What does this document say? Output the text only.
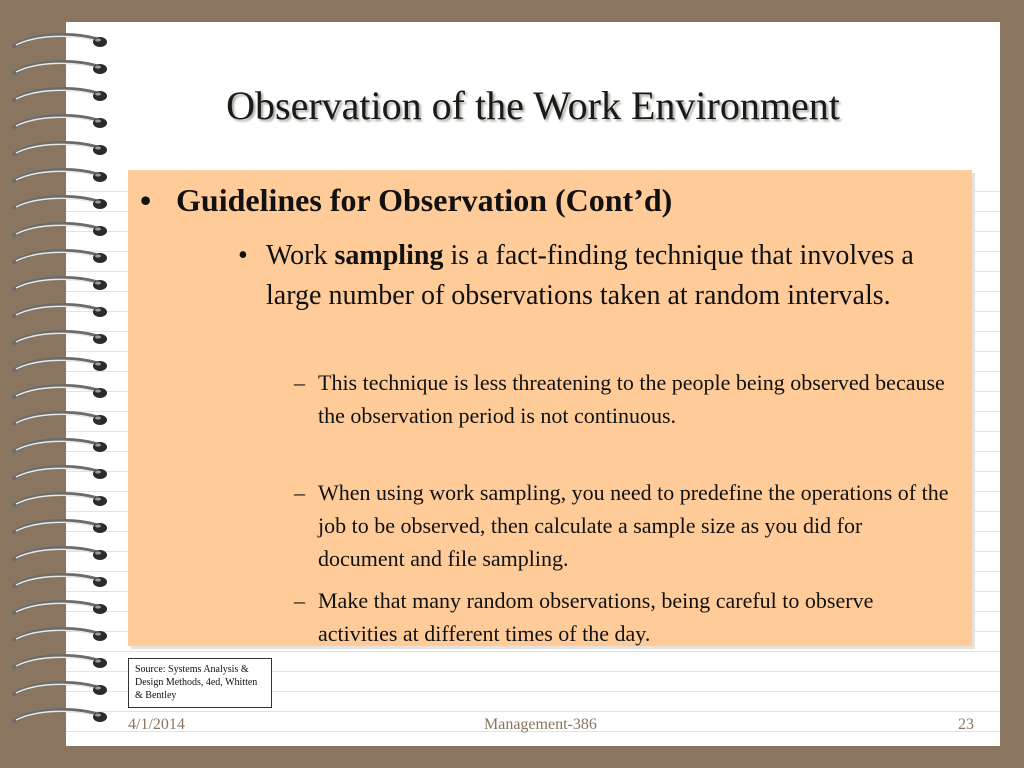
Observation of the Work Environment
• Guidelines for Observation (Cont’d)
• Work sampling is a fact-finding technique that involves a large number of observations taken at random intervals.
– This technique is less threatening to the people being observed because the observation period is not continuous.
– When using work sampling, you need to predefine the operations of the job to be observed, then calculate a sample size as you did for document and file sampling.
– Make that many random observations, being careful to observe activities at different times of the day.
Source: Systems Analysis & Design Methods, 4ed, Whitten & Bentley
4/1/2014	Management-386	23
